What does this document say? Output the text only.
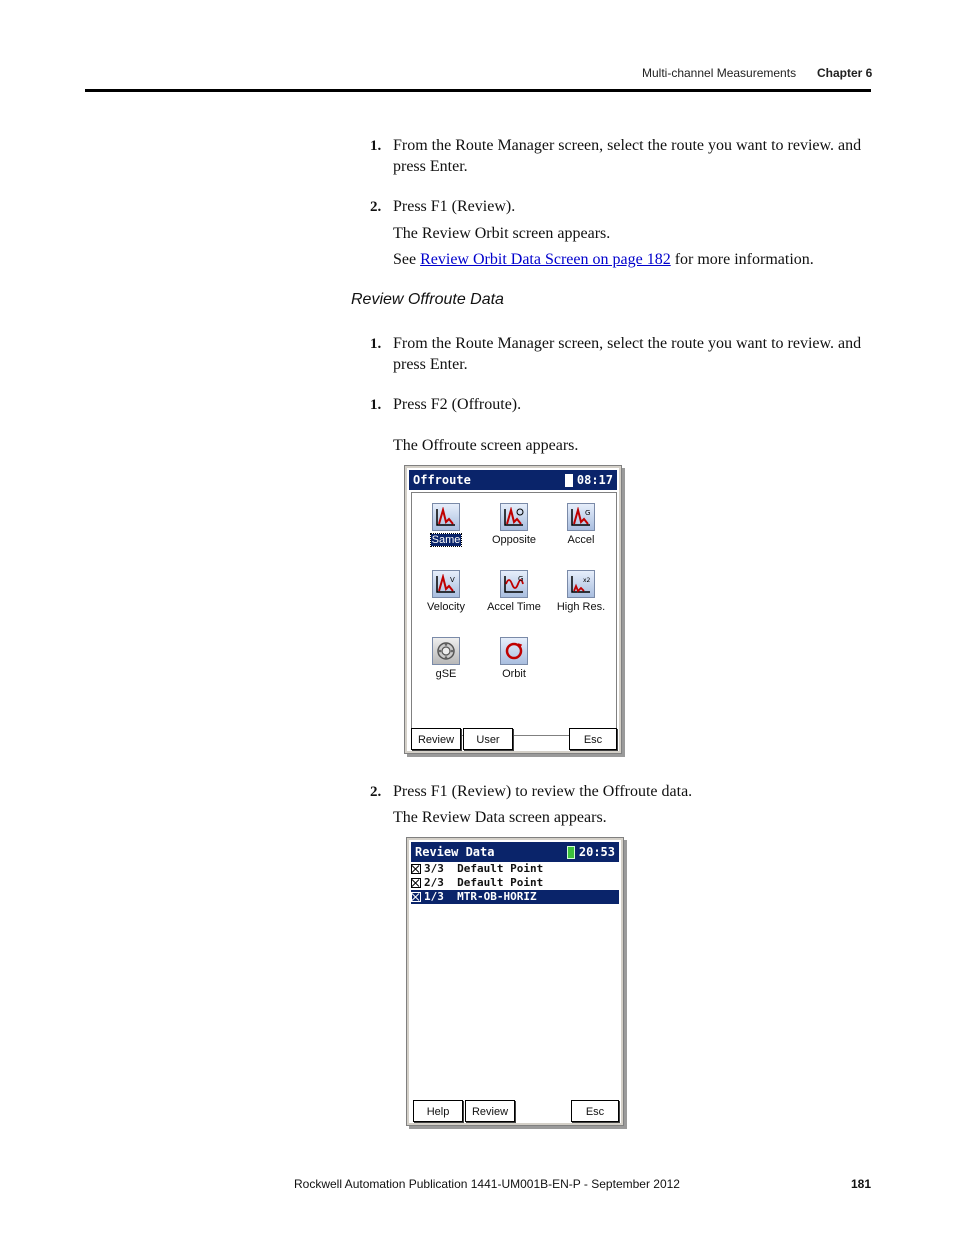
Multi-channel Measurements Chapter 6
1. From the Route Manager screen, select the route you want to review. and
press Enter.
2. Press F1 (Review).
The Review Orbit screen appears.
See Review Orbit Data Screen on page 182 for more information.
Review Offroute Data
1. From the Route Manager screen, select the route you want to review. and
press Enter.
1. Press F2 (Offroute).
The Offroute screen appears.
Offroute	08:17
Same	Opposite
G
Accel
V
Velocity
G
Accel Time
x2
High Res.
gSE	Orbit
Review	User	Esc
2. Press F1 (Review) to review the Offroute data.
The Review Data screen appears.
Review Data	20:53
3/3
Default Point
2/3
Default Point
1/3
MTR-OB-HORIZ
Help	Review	Esc
Rockwell Automation Publication 1441-UM001B-EN-P - September 2012	181
